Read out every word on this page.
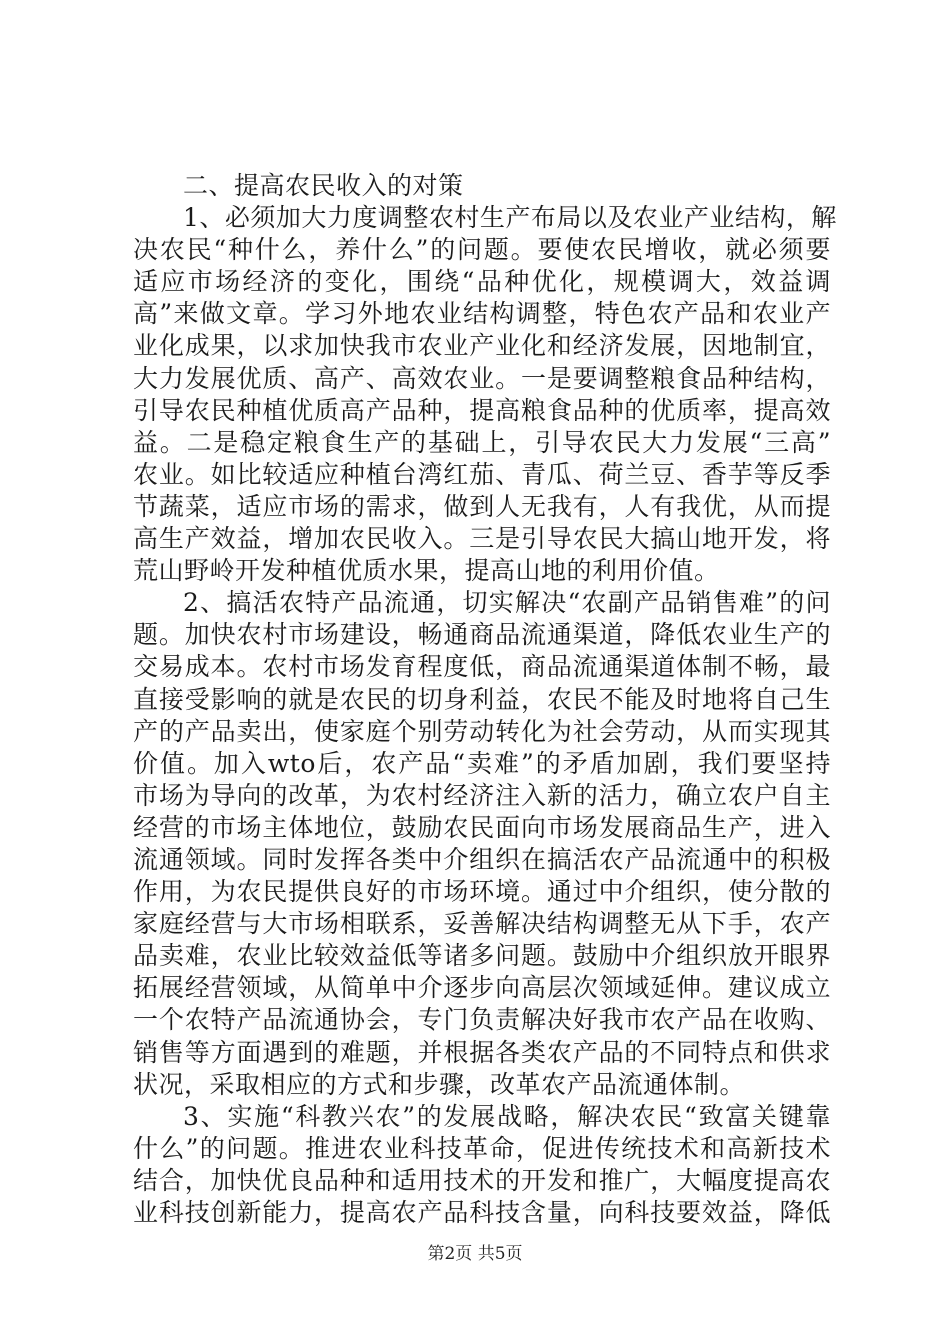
二、提高农民收入的对策
1、必须加大力度调整农村生产布局以及农业产业结构，解
决农民“种什么，养什么”的问题。要使农民增收，就必须要
适应市场经济的变化，围绕“品种优化，规模调大，效益调
高”来做文章。学习外地农业结构调整，特色农产品和农业产
业化成果，以求加快我市农业产业化和经济发展，因地制宜，
大力发展优质、高产、高效农业。一是要调整粮食品种结构，
引导农民种植优质高产品种，提高粮食品种的优质率，提高效
益。二是稳定粮食生产的基础上，引导农民大力发展“三高”
农业。如比较适应种植台湾红茄、青瓜、荷兰豆、香芋等反季
节蔬菜，适应市场的需求，做到人无我有，人有我优，从而提
高生产效益，增加农民收入。三是引导农民大搞山地开发，将
荒山野岭开发种植优质水果，提高山地的利用价值。
2、搞活农特产品流通，切实解决“农副产品销售难”的问
题。加快农村市场建设，畅通商品流通渠道，降低农业生产的
交易成本。农村市场发育程度低，商品流通渠道体制不畅，最
直接受影响的就是农民的切身利益，农民不能及时地将自己生
产的产品卖出，使家庭个别劳动转化为社会劳动，从而实现其
价值。加入wto后，农产品“卖难”的矛盾加剧，我们要坚持
市场为导向的改革，为农村经济注入新的活力，确立农户自主
经营的市场主体地位，鼓励农民面向市场发展商品生产，进入
流通领域。同时发挥各类中介组织在搞活农产品流通中的积极
作用，为农民提供良好的市场环境。通过中介组织，使分散的
家庭经营与大市场相联系，妥善解决结构调整无从下手，农产
品卖难，农业比较效益低等诸多问题。鼓励中介组织放开眼界
拓展经营领域，从简单中介逐步向高层次领域延伸。建议成立
一个农特产品流通协会，专门负责解决好我市农产品在收购、
销售等方面遇到的难题，并根据各类农产品的不同特点和供求
状况，采取相应的方式和步骤，改革农产品流通体制。
3、实施“科教兴农”的发展战略，解决农民“致富关键靠
什么”的问题。推进农业科技革命，促进传统技术和高新技术
结合，加快优良品种和适用技术的开发和推广，大幅度提高农
业科技创新能力，提高农产品科技含量，向科技要效益，降低
第2页 共5页
